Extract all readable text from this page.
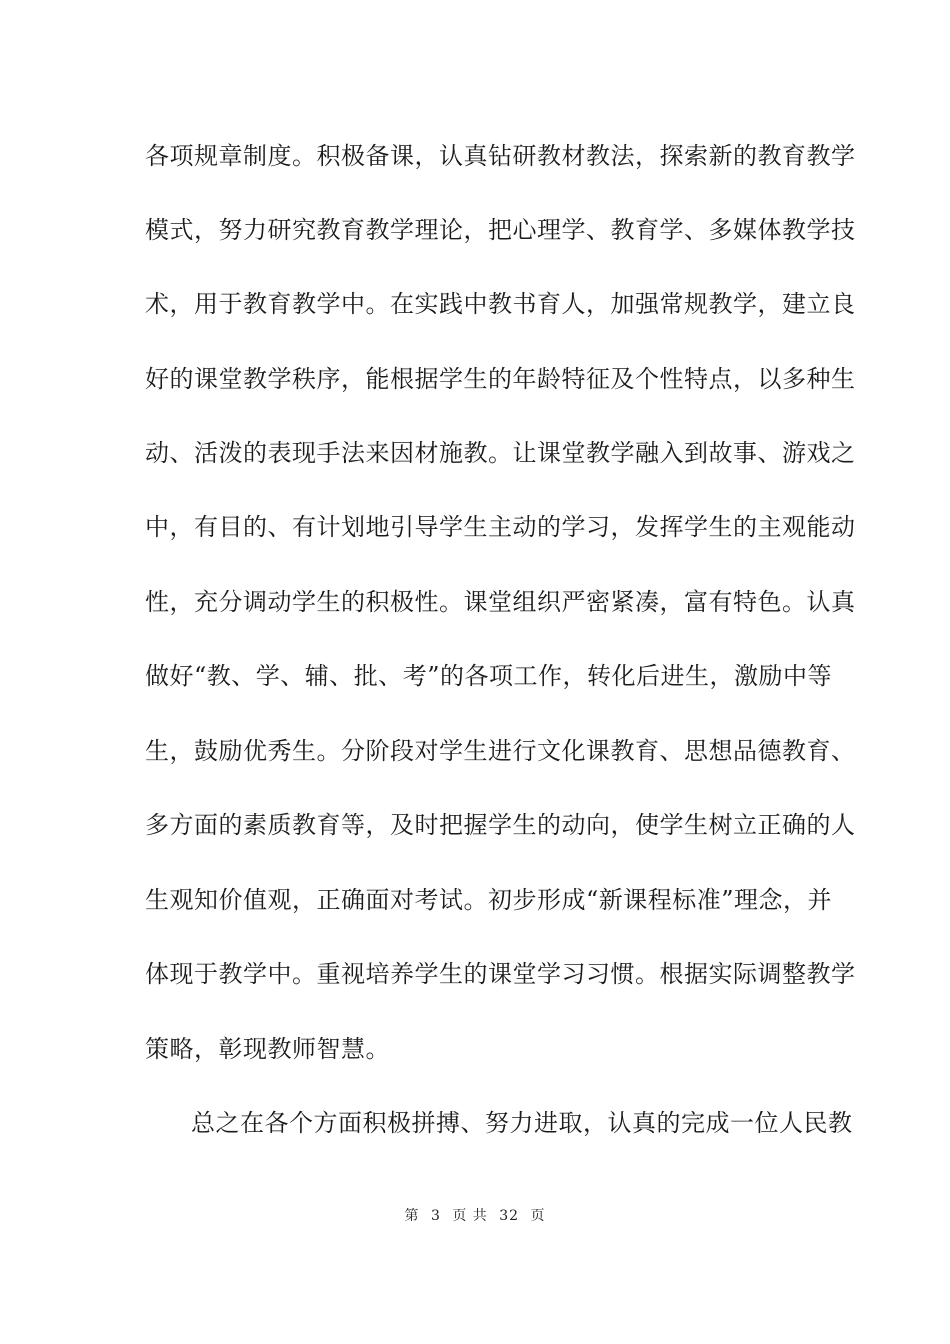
各项规章制度。积极备课，认真钻研教材教法，探索新的教育教学
模式，努力研究教育教学理论，把心理学、教育学、多媒体教学技
术，用于教育教学中。在实践中教书育人，加强常规教学，建立良
好的课堂教学秩序，能根据学生的年龄特征及个性特点，以多种生
动、活泼的表现手法来因材施教。让课堂教学融入到故事、游戏之
中，有目的、有计划地引导学生主动的学习，发挥学生的主观能动
性，充分调动学生的积极性。课堂组织严密紧凑，富有特色。认真
做好“教、学、辅、批、考”的各项工作，转化后进生，激励中等
生，鼓励优秀生。分阶段对学生进行文化课教育、思想品德教育、
多方面的素质教育等，及时把握学生的动向，使学生树立正确的人
生观知价值观，正确面对考试。初步形成“新课程标准”理念，并
体现于教学中。重视培养学生的课堂学习习惯。根据实际调整教学
策略，彰现教师智慧。
总之在各个方面积极拼搏、努力进取，认真的完成一位人民教
第 3 页 共 32 页
